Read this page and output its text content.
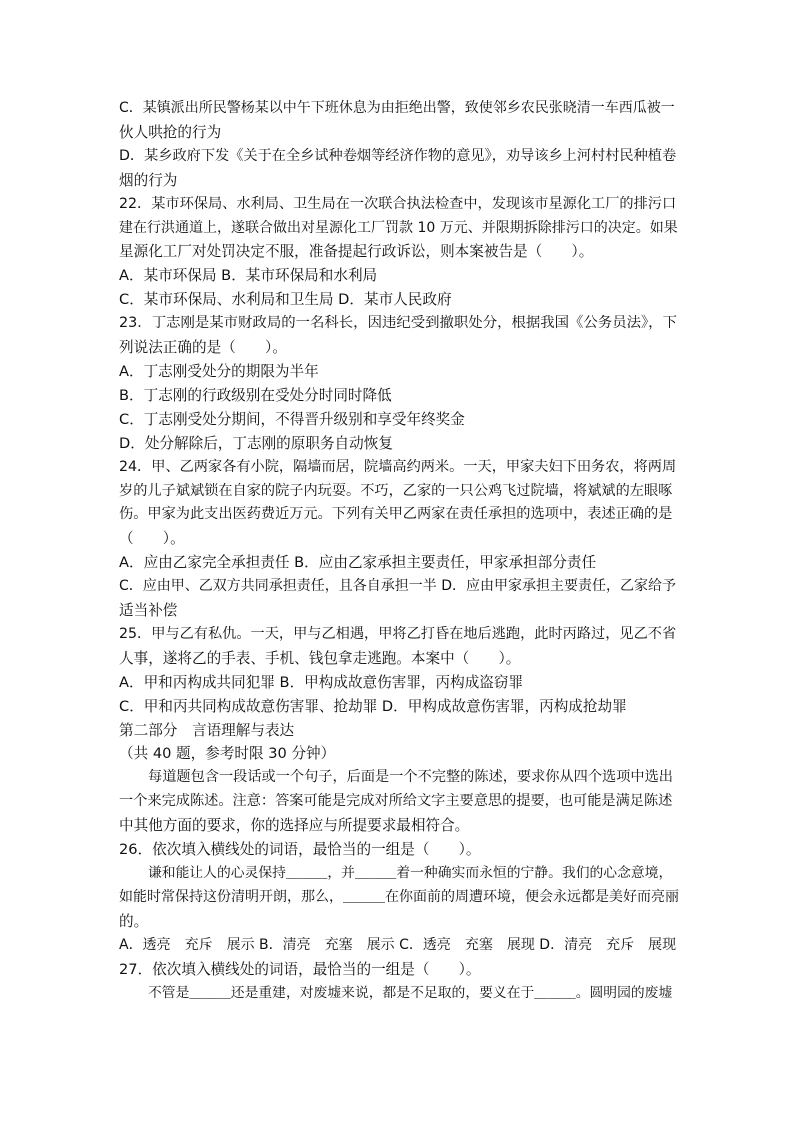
C．某镇派出所民警杨某以中午下班休息为由拒绝出警，致使邻乡农民张晓清一车西瓜被一
伙人哄抢的行为
D．某乡政府下发《关于在全乡试种卷烟等经济作物的意见》，劝导该乡上河村村民种植卷
烟的行为
22．某市环保局、水利局、卫生局在一次联合执法检查中，发现该市星源化工厂的排污口
建在行洪通道上，遂联合做出对星源化工厂罚款 10 万元、并限期拆除排污口的决定。如果
星源化工厂对处罚决定不服，准备提起行政诉讼，则本案被告是（　　）。
A．某市环保局 B．某市环保局和水利局
C．某市环保局、水利局和卫生局 D．某市人民政府
23．丁志刚是某市财政局的一名科长，因违纪受到撤职处分，根据我国《公务员法》，下
列说法正确的是（　　）。
A．丁志刚受处分的期限为半年
B．丁志刚的行政级别在受处分时同时降低
C．丁志刚受处分期间，不得晋升级别和享受年终奖金
D．处分解除后，丁志刚的原职务自动恢复
24．甲、乙两家各有小院，隔墙而居，院墙高约两米。一天，甲家夫妇下田务农，将两周
岁的儿子斌斌锁在自家的院子内玩耍。不巧，乙家的一只公鸡飞过院墙，将斌斌的左眼啄
伤。甲家为此支出医药费近万元。下列有关甲乙两家在责任承担的选项中，表述正确的是
（　　）。
A．应由乙家完全承担责任 B．应由乙家承担主要责任，甲家承担部分责任
C．应由甲、乙双方共同承担责任，且各自承担一半 D．应由甲家承担主要责任，乙家给予
适当补偿
25．甲与乙有私仇。一天，甲与乙相遇，甲将乙打昏在地后逃跑，此时丙路过，见乙不省
人事，遂将乙的手表、手机、钱包拿走逃跑。本案中（　　）。
A．甲和丙构成共同犯罪 B．甲构成故意伤害罪，丙构成盗窃罪
C．甲和丙共同构成故意伤害罪、抢劫罪 D．甲构成故意伤害罪，丙构成抢劫罪
第二部分　言语理解与表达
（共 40 题，参考时限 30 分钟）
每道题包含一段话或一个句子，后面是一个不完整的陈述，要求你从四个选项中选出
一个来完成陈述。注意：答案可能是完成对所给文字主要意思的提要，也可能是满足陈述
中其他方面的要求，你的选择应与所提要求最相符合。
26．依次填入横线处的词语，最恰当的一组是（　　）。
谦和能让人的心灵保持＿＿＿，并＿＿＿着一种确实而永恒的宁静。我们的心念意境，
如能时常保持这份清明开朗，那么，＿＿＿在你面前的周遭环境，便会永远都是美好而亮丽
的。
A．透亮　充斥　展示 B．清亮　充塞　展示 C．透亮　充塞　展现 D．清亮　充斥　展现
27．依次填入横线处的词语，最恰当的一组是（　　）。
不管是＿＿＿还是重建，对废墟来说，都是不足取的，要义在于＿＿＿。圆明园的废墟
